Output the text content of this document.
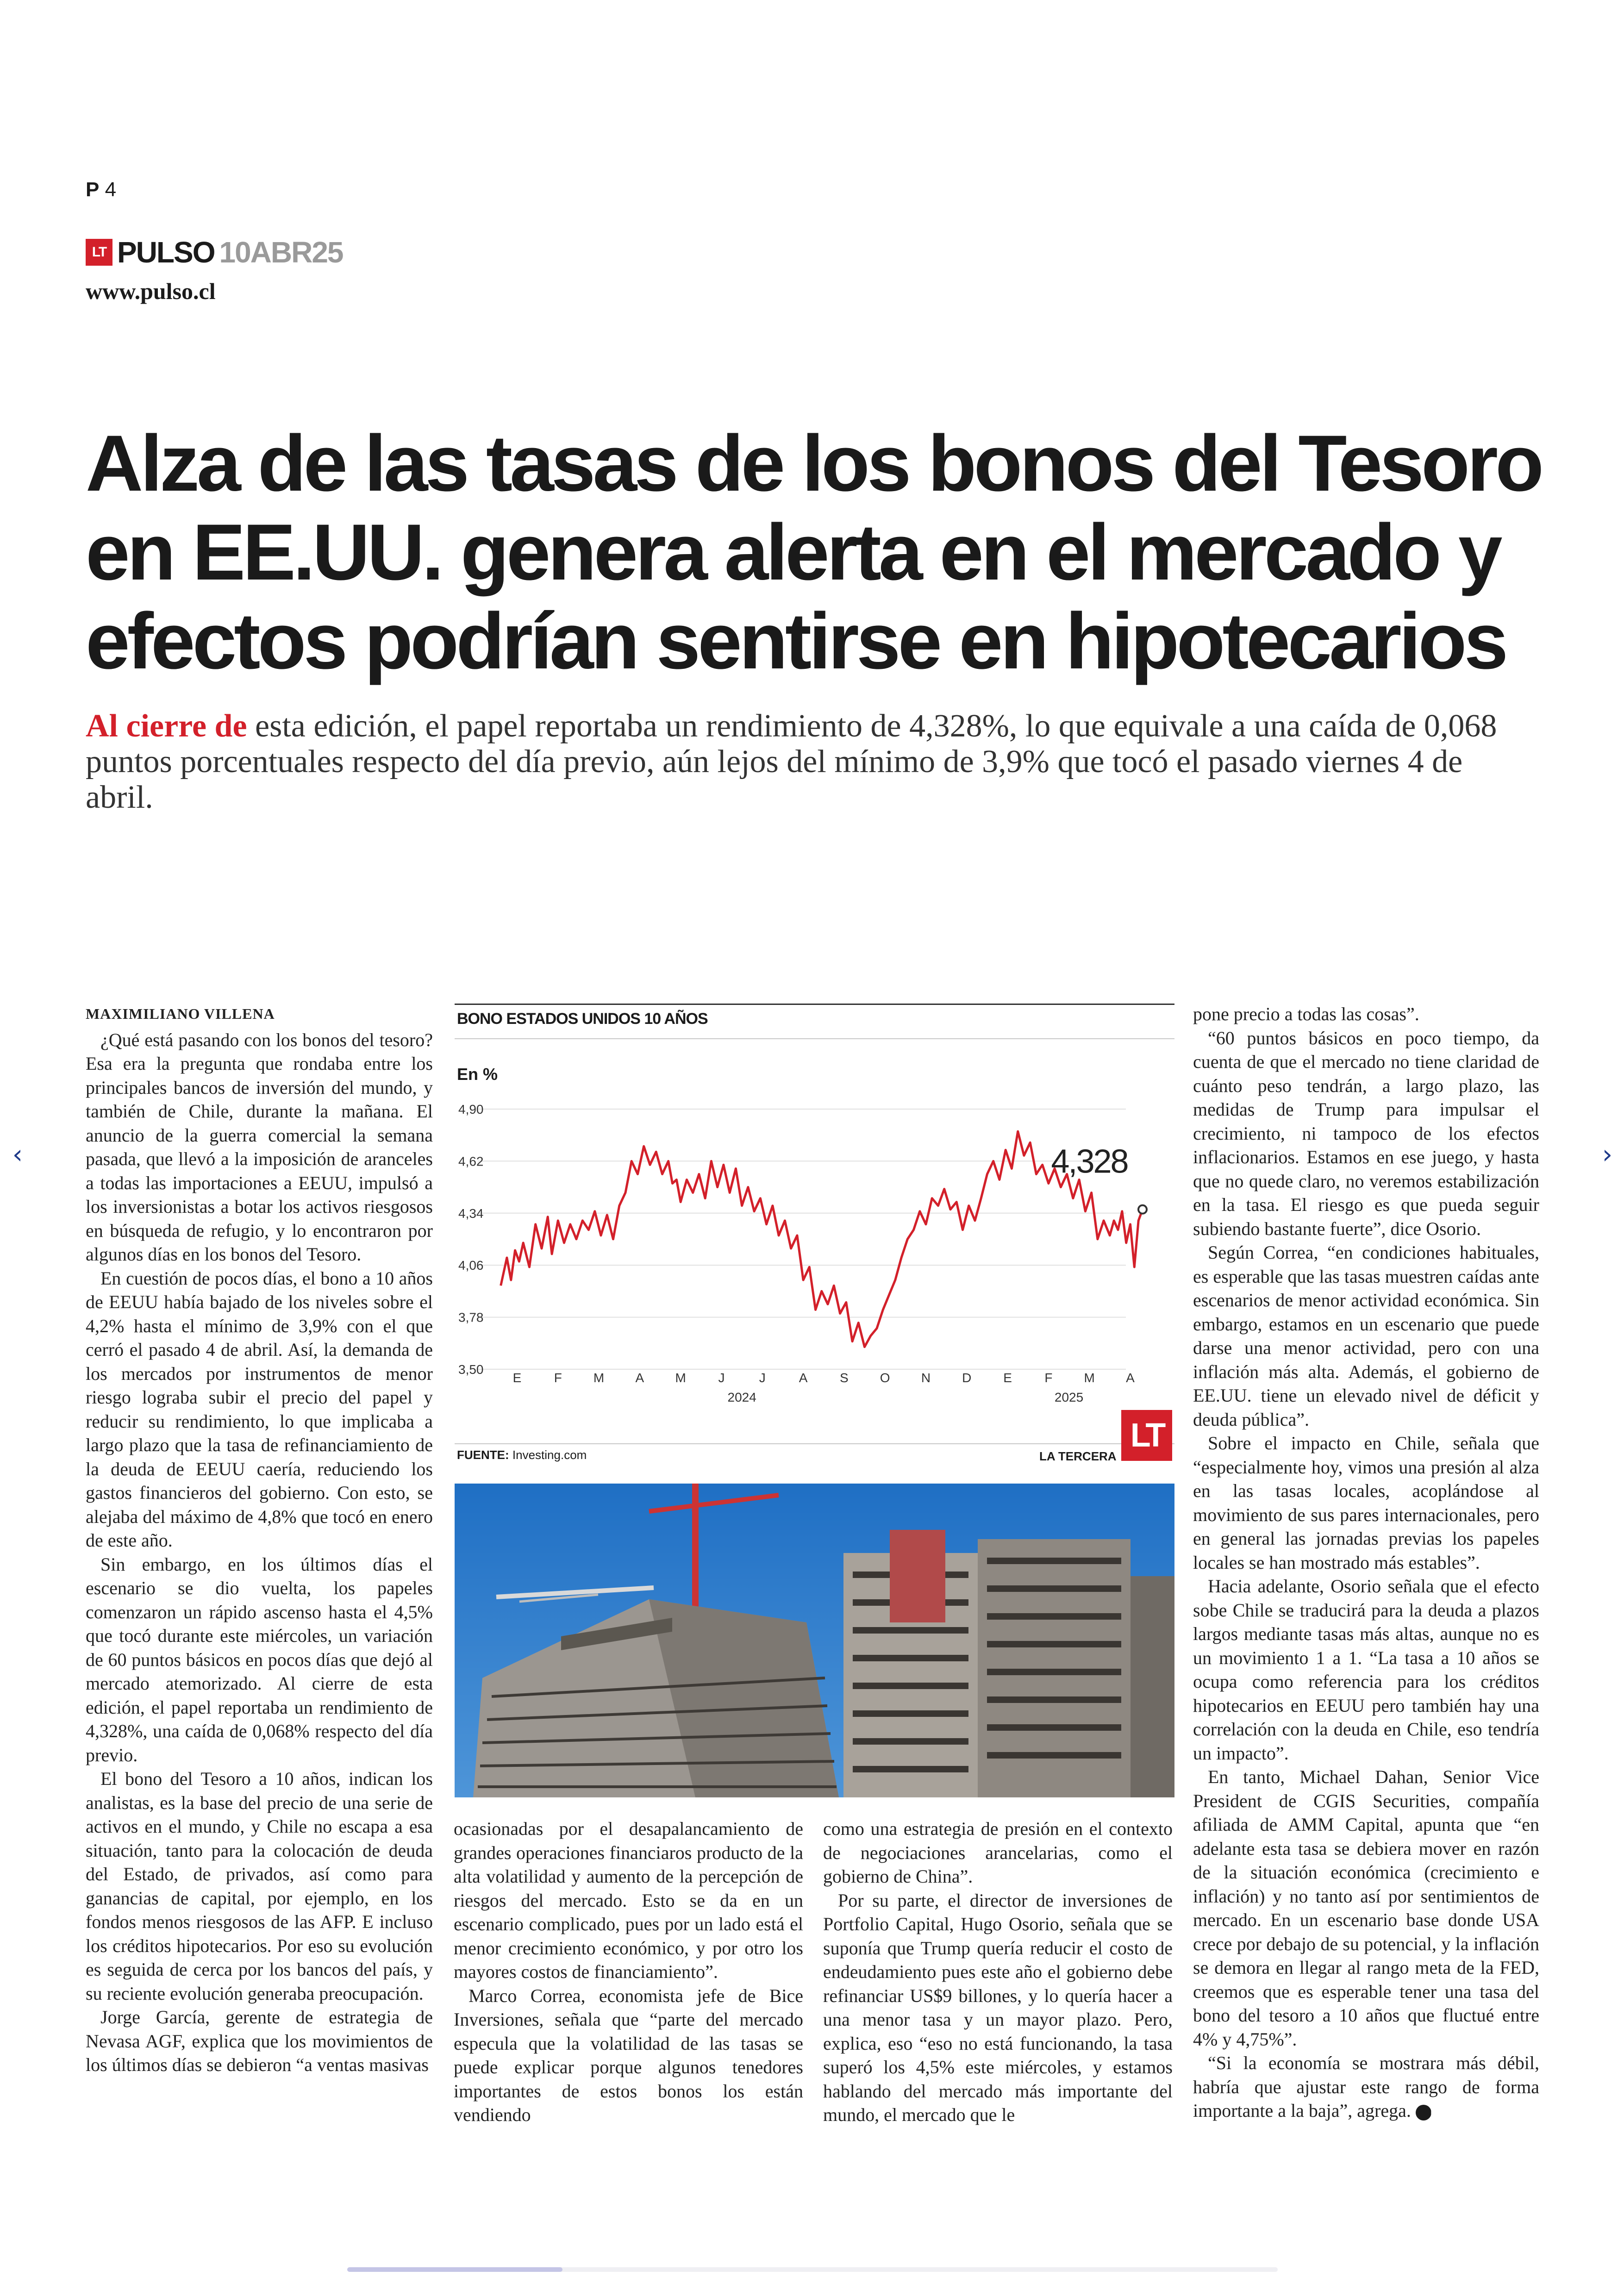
P 4
LT PULSO 10ABR25
www.pulso.cl
Alza de las tasas de los bonos del Tesoro en EE.UU. genera alerta en el mercado y efectos podrían sentirse en hipotecarios

Al cierre de esta edición, el papel reportaba un rendimiento de 4,328%, lo que equivale a una caída de 0,068 puntos porcentuales respecto del día previo, aún lejos del mínimo de 3,9% que tocó el pasado viernes 4 de abril.

MAXIMILIANO VILLENA

¿Qué está pasando con los bonos del tesoro? Esa era la pregunta que rondaba entre los principales bancos de inversión del mundo, y también de Chile, durante la mañana. El anuncio de la guerra comercial la semana pasada, que llevó a la imposición de aranceles a todas las importaciones a EEUU, impulsó a los inversionistas a botar los activos riesgosos en búsqueda de refugio, y lo encontraron por algunos días en los bonos del Tesoro.

En cuestión de pocos días, el bono a 10 años de EEUU había bajado de los niveles sobre el 4,2% hasta el mínimo de 3,9% con el que cerró el pasado 4 de abril. Así, la demanda de los mercados por instrumentos de menor riesgo lograba subir el precio del papel y reducir su rendimiento, lo que implicaba a largo plazo que la tasa de refinanciamiento de la deuda de EEUU caería, reduciendo los gastos financieros del gobierno. Con esto, se alejaba del máximo de 4,8% que tocó en enero de este año.

Sin embargo, en los últimos días el escenario se dio vuelta, los papeles comenzaron un rápido ascenso hasta el 4,5% que tocó durante este miércoles, un variación de 60 puntos básicos en pocos días que dejó al mercado atemorizado. Al cierre de esta edición, el papel reportaba un rendimiento de 4,328%, una caída de 0,068% respecto del día previo.

El bono del Tesoro a 10 años, indican los analistas, es la base del precio de una serie de activos en el mundo, y Chile no escapa a esa situación, tanto para la colocación de deuda del Estado, de privados, así como para ganancias de capital, por ejemplo, en los fondos menos riesgosos de las AFP. E incluso los créditos hipotecarios. Por eso su evolución es seguida de cerca por los bancos del país, y su reciente evolución generaba preocupación.

Jorge García, gerente de estrategia de Nevasa AGF, explica que los movimientos de los últimos días se debieron “a ventas masivas

BONO ESTADOS UNIDOS 10 AÑOS
En %
4,90
4,62
4,34
4,06
3,78
3,50
E	F M A M J	J	A S O N D E	F M A
2024	2025
4,328
FUENTE: Investing.com	LA TERCERA
LT

ocasionadas por el desapalancamiento de grandes operaciones financiaros producto de la alta volatilidad y aumento de la percepción de riesgos del mercado. Esto se da en un escenario complicado, pues por un lado está el menor crecimiento económico, y por otro los mayores costos de financiamiento”.

Marco Correa, economista jefe de Bice Inversiones, señala que “parte del mercado especula que la volatilidad de las tasas se puede explicar porque algunos tenedores importantes de estos bonos los están vendiendo

como una estrategia de presión en el contexto de negociaciones arancelarias, como el gobierno de China”.

Por su parte, el director de inversiones de Portfolio Capital, Hugo Osorio, señala que se suponía que Trump quería reducir el costo de endeudamiento pues este año el gobierno debe refinanciar US$9 billones, y lo quería hacer a una menor tasa y un mayor plazo. Pero, explica, eso “eso no está funcionando, la tasa superó los 4,5% este miércoles, y estamos hablando del mercado más importante del mundo, el mercado que le

pone precio a todas las cosas”.

“60 puntos básicos en poco tiempo, da cuenta de que el mercado no tiene claridad de cuánto peso tendrán, a largo plazo, las medidas de Trump para impulsar el crecimiento, ni tampoco de los efectos inflacionarios. Estamos en ese juego, y hasta que no quede claro, no veremos estabilización en la tasa. El riesgo es que pueda seguir subiendo bastante fuerte”, dice Osorio.

Según Correa, “en condiciones habituales, es esperable que las tasas muestren caídas ante escenarios de menor actividad económica. Sin embargo, estamos en un escenario que puede darse una menor actividad, pero con una inflación más alta. Además, el gobierno de EE.UU. tiene un elevado nivel de déficit y deuda pública”.

Sobre el impacto en Chile, señala que “especialmente hoy, vimos una presión al alza en las tasas locales, acoplándose al movimiento de sus pares internacionales, pero en general las jornadas previas los papeles locales se han mostrado más estables”.

Hacia adelante, Osorio señala que el efecto sobe Chile se traducirá para la deuda a plazos largos mediante tasas más altas, aunque no es un movimiento 1 a 1. “La tasa a 10 años se ocupa como referencia para los créditos hipotecarios en EEUU pero también hay una correlación con la deuda en Chile, eso tendría un impacto”.

En tanto, Michael Dahan, Senior Vice President de CGIS Securities, compañía afiliada de AMM Capital, apunta que “en adelante esta tasa se debiera mover en razón de la situación económica (crecimiento e inflación) y no tanto así por sentimientos de mercado. En un escenario base donde USA crece por debajo de su potencial, y la inflación se demora en llegar al rango meta de la FED, creemos que es esperable tener una tasa del bono del tesoro a 10 años que fluctué entre 4% y 4,75%”.

“Si la economía se mostrara más débil, habría que ajustar este rango de forma importante a la baja”, agrega. P

‹	›
